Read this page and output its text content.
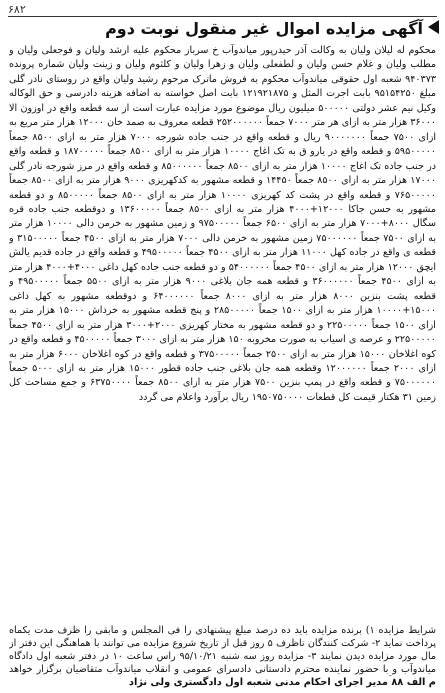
۶۸۲
آگهی مزایده اموال غیر منقول نوبت دوم
محکوم له لیلان ولیان به وکالت آذر حیدرپور میاندوآب خ سرباز محکوم علیه ارشد ولیان و فوجعلی ولیان و مطلب ولیان و غلام حسن ولیان و لطفعلی ولیان و زهرا ولیان و کلثوم ولیان و زینت ولیان شماره پرونده ۹۴۰۳۷۳ شعبه اول حقوقی میاندوآب محکوم به فروش ماترک مرحوم رشید ولیان واقع در روستای نادر گلی مبلغ ۹۵۱۵۴۲۵۰ بابت اجرت المثل و ۱۲۱۹۲۱۸۷۵ بابت اصل خواسته به اضافه هزینه دادرسی و حق الوکاله وکیل نیم عشر دولتی ۵۰۰۰۰۰ میلیون ریال موضوع مورد مزایده عبارت است از سه قطعه واقع در اوزون الا ۳۶۰۰۰ هزار متر به ازای هر متر ۷۰۰۰ جمعاً ۲۵۲۰۰۰۰۰۰ قطعه معروف به صمد خان ۱۲۰۰۰ هزار متر مربع به ازای ۷۵۰۰ جمعاً ۹۰۰۰۰۰۰۰ ریال و قطعه واقع در جنب جاده شورجه ۷۰۰۰ هزار متر به ازای ۸۵۰۰ جمعاً ۵۹۵۰۰۰۰۰ و قطعه واقع در یارو ق به تک اغاج ۱۰۰۰۰ هزار متر به ازای ۸۵۰۰ جمعاً ۱۸۷۰۰۰۰۰ و قطعه واقع در جنب جاده تک اغاج ۱۰۰۰۰ هزار متر به ازای ۸۵۰۰ جمعاً ۸۵۰۰۰۰۰۰ و قطعه واقع در مرز شورجه نادر گلی ۱۷۰۰۰ هزار متر به ازای ۸۵۰۰ جمعاً ۱۴۴۵۰ و قطعه مشهور به کدکهریزی ۹۰۰۰ هزار متر به ازای ۸۵۰۰ جمعاً ۷۶۵۰۰۰۰۰ و قطعه واقع در پشت کد کهریزی ۱۰۰۰۰ هزار متر به ازای ۸۵۰۰ جمعاً ۸۵۰۰۰۰۰ و دو قطعه مشهور به حسن جاکا ۱۲۰۰۰+۴۰۰۰ هزار متر به ازای ۸۵۰۰ جمعاً ۱۳۶۰۰۰۰۰ و دوقطعه جنب جاده قره سگال ۸۰۰۰+۷۰۰۰ هزار متر به ازای ۶۵۰۰ جمعاً ۹۷۵۰۰۰۰۰ و زمین مشهور به خرمن دالی ۱۰۰۰۰ هزار متر به ازای ۷۵۰۰ جمعاً ۷۵۰۰۰۰۰۰ زمین مشهور به خرمن دالی ۷۰۰۰ هزار متر به ازای ۴۵۰۰ جمعاً ۳۱۵۰۰۰۰۰ و قطعه ی واقع در جاده کهل ۱۱۰۰۰ هزار متر به ازای ۴۵۰۰ جمعاً ۴۹۵۰۰۰۰۰ و قطعه واقع در جاده قدیم یالش ایچق ۱۲۰۰۰ هزار متر به ازای ۴۵۰۰ جمعاً ۵۴۰۰۰۰۰۰ و دو قطعه جنب جاده کهل داغی ۴۰۰۰+۴۰۰۰ هزار متر به ازای ۴۵۰۰ جمعاً ۳۶۰۰۰۰۰۰ و قطعه همه جان بلاغی ۹۰۰۰ هزار متر به ازای ۵۵۰۰ جمعاً ۴۹۵۰۰۰۰۰ و قطعه پشت بنزین ۸۰۰۰ هزار متر به ازای ۸۰۰۰ جمعاً ۶۴۰۰۰۰۰۰ و دوقطعه مشهور به کهل داغی ۱۵۰۰۰+۱۰۰۰۰ هزار متر به ازای ۱۵۰۰ جمعاً ۲۸۵۰۰۰۰۰ و پنج قطعه مشهور به خرداش ۱۵۰۰۰ هزار متر به ازای ۱۵۰۰ جمعاً ۲۲۵۰۰۰۰۰ و دو قطعه مشهور به مختار کهریزی ۲۰۰۰+۳۰۰۰ هزار متر به ازای ۴۵۰۰ جمعاً ۲۲۵۰۰۰۰۰ و عرصه ی اسیاب به صورت مخروبه ۱۵۰ هزار متر به ازای ۳۰۰۰ جمعاً ۴۵۰۰۰۰۰ و قطعه واقع در کوه اغلاخان ۱۵۰۰۰ هزار متر به ازای ۲۵۰۰ جمعاً ۳۷۵۰۰۰۰۰ و قطعه واقع در کوه اغلاخان ۶۰۰۰ هزار متر به ازای ۲۰۰۰ جمعاً ۱۲۰۰۰۰۰۰ وقطعه همه جان بلاغی جنب جاده قطور ۱۵۰۰۰ هزار متر به ازای ۵۰۰۰ جمعاً ۷۵۰۰۰۰۰۰ و قطعه واقع در پمپ بنزین ۷۵۰۰ هزار متر به ازای ۸۵۰۰ جمعاً ۶۳۷۵۰۰۰۰ و جمع مساحت کل زمین ۳۱ هکتار قیمت کل قطعات ۱۹۵۰۷۵۰۰۰۰ ریال برآورد واعلام می گردد
شرایط مزایده ۱) برنده مزایده باید ده درصد مبلغ پیشنهادی را فی المجلس و مابقی را ظرف مدت یکماه پرداخت نماید ۲- شرکت کنندگان تاظرف ۵ روز قبل از تاریخ شروع مزایده می توانند با هماهنگی این دفتر از مال مورد مزایده دیدن نمایند ۳- مزایده روز سه شنبه ۹۵/۱۰/۲۱ راس ساعت ۱۰ در دفتر شعبه اول دادگاه میاندوآب و با حضور نماینده محترم دادستانی دادسرای عمومی و انقلاب میاندوآب متقاضیان برگزار خواهد
م الف ۸۸ مدیر اجرای احکام مدنی شعبه اول دادگستری ولی نژاد
